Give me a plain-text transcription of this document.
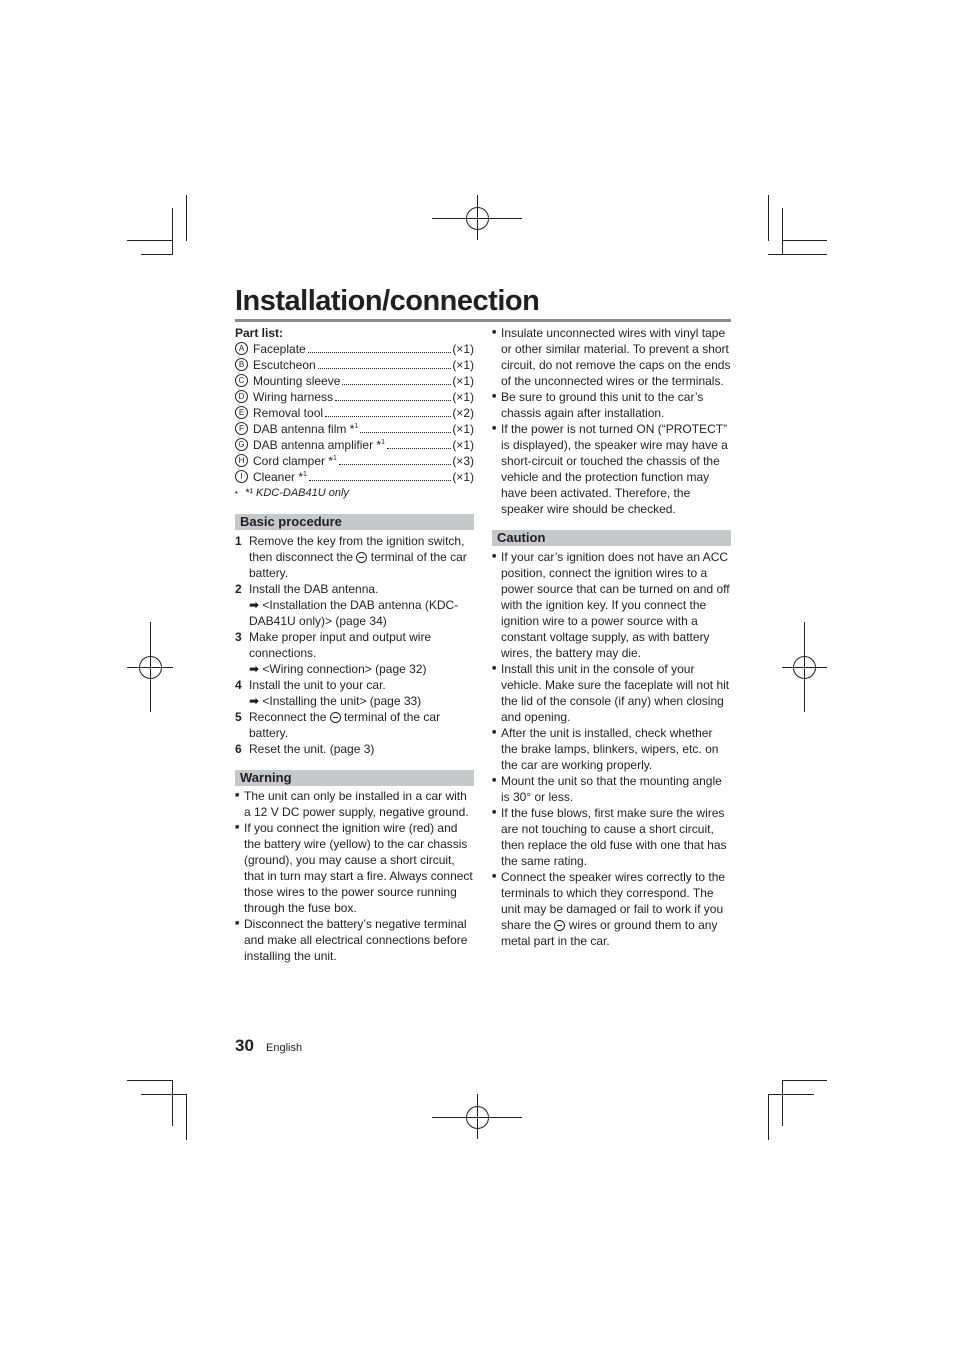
Installation/connection

Part list:

A Faceplate	(×1)
B Escutcheon	(×1)
C Mounting sleeve	(×1)
D Wiring harness	(×1)
E Removal tool	(×2)
F DAB antenna film *$^1$	(×1)
G DAB antenna amplifier *$^1$	(×1)
H Cord clamper *$^1$	(×3)
I Cleaner *$^1$	(×1)

• *¹ KDC-DAB41U only

Basic procedure
1 Remove the key from the ignition switch, then disconnect the  terminal of the car battery.
2 Install the DAB antenna.
➡ <Installation the DAB antenna (KDC-DAB41U only)> (page 34)
3 Make proper input and output wire connections.
➡ <Wiring connection> (page 32)
4 Install the unit to your car.
➡ <Installing the unit> (page 33)
5 Reconnect the  terminal of the car battery.
6 Reset the unit. (page 3)
Warning
■ The unit can only be installed in a car with a 12 V DC power supply, negative ground.
■ If you connect the ignition wire (red) and the battery wire (yellow) to the car chassis (ground), you may cause a short circuit, that in turn may start a fire. Always connect those wires to the power source running through the fuse box.
■ Disconnect the battery’s negative terminal and make all electrical connections before installing the unit.
■ Insulate unconnected wires with vinyl tape or other similar material. To prevent a short circuit, do not remove the caps on the ends of the unconnected wires or the terminals.
■ Be sure to ground this unit to the car’s chassis again after installation.
■ If the power is not turned ON (“PROTECT” is displayed), the speaker wire may have a short-circuit or touched the chassis of the vehicle and the protection function may have been activated. Therefore, the speaker wire should be checked.
Caution
■ If your car’s ignition does not have an ACC position, connect the ignition wires to a power source that can be turned on and off with the ignition key. If you connect the ignition wire to a power source with a constant voltage supply, as with battery wires, the battery may die.
■ Install this unit in the console of your vehicle. Make sure the faceplate will not hit the lid of the console (if any) when closing and opening.
■ After the unit is installed, check whether the brake lamps, blinkers, wipers, etc. on the car are working properly.
■ Mount the unit so that the mounting angle is 30° or less.
■ If the fuse blows, first make sure the wires are not touching to cause a short circuit, then replace the old fuse with one that has the same rating.
■ Connect the speaker wires correctly to the terminals to which they correspond. The unit may be damaged or fail to work if you share the  wires or ground them to any metal part in the car.
30 English
